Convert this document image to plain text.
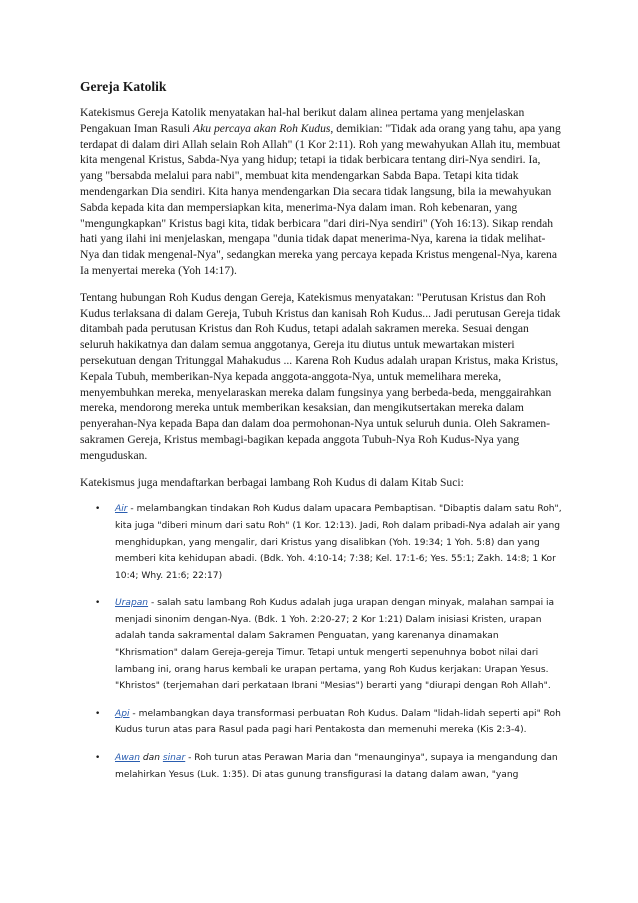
Gereja Katolik

Katekismus Gereja Katolik menyatakan hal-hal berikut dalam alinea pertama yang menjelaskan Pengakuan Iman Rasuli Aku percaya akan Roh Kudus, demikian: "Tidak ada orang yang tahu, apa yang terdapat di dalam diri Allah selain Roh Allah" (1 Kor 2:11). Roh yang mewahyukan Allah itu, membuat kita mengenal Kristus, Sabda-Nya yang hidup; tetapi ia tidak berbicara tentang diri-Nya sendiri. Ia, yang "bersabda melalui para nabi", membuat kita mendengarkan Sabda Bapa. Tetapi kita tidak mendengarkan Dia sendiri. Kita hanya mendengarkan Dia secara tidak langsung, bila ia mewahyukan Sabda kepada kita dan mempersiapkan kita, menerima-Nya dalam iman. Roh kebenaran, yang "mengungkapkan" Kristus bagi kita, tidak berbicara "dari diri-Nya sendiri" (Yoh 16:13). Sikap rendah hati yang ilahi ini menjelaskan, mengapa "dunia tidak dapat menerima-Nya, karena ia tidak melihat-Nya dan tidak mengenal-Nya", sedangkan mereka yang percaya kepada Kristus mengenal-Nya, karena Ia menyertai mereka (Yoh 14:17).

Tentang hubungan Roh Kudus dengan Gereja, Katekismus menyatakan: "Perutusan Kristus dan Roh Kudus terlaksana di dalam Gereja, Tubuh Kristus dan kanisah Roh Kudus... Jadi perutusan Gereja tidak ditambah pada perutusan Kristus dan Roh Kudus, tetapi adalah sakramen mereka. Sesuai dengan seluruh hakikatnya dan dalam semua anggotanya, Gereja itu diutus untuk mewartakan misteri persekutuan dengan Tritunggal Mahakudus ... Karena Roh Kudus adalah urapan Kristus, maka Kristus, Kepala Tubuh, memberikan-Nya kepada anggota-anggota-Nya, untuk memelihara mereka, menyembuhkan mereka, menyelaraskan mereka dalam fungsinya yang berbeda-beda, menggairahkan mereka, mendorong mereka untuk memberikan kesaksian, dan mengikutsertakan mereka dalam penyerahan-Nya kepada Bapa dan dalam doa permohonan-Nya untuk seluruh dunia. Oleh Sakramen-sakramen Gereja, Kristus membagi-bagikan kepada anggota Tubuh-Nya Roh Kudus-Nya yang menguduskan.

Katekismus juga mendaftarkan berbagai lambang Roh Kudus di dalam Kitab Suci:

• Air - melambangkan tindakan Roh Kudus dalam upacara Pembaptisan. "Dibaptis dalam satu Roh", kita juga "diberi minum dari satu Roh" (1 Kor. 12:13). Jadi, Roh dalam pribadi-Nya adalah air yang menghidupkan, yang mengalir, dari Kristus yang disalibkan (Yoh. 19:34; 1 Yoh. 5:8) dan yang memberi kita kehidupan abadi. (Bdk. Yoh. 4:10-14; 7:38; Kel. 17:1-6; Yes. 55:1; Zakh. 14:8; 1 Kor 10:4; Why. 21:6; 22:17)
• Urapan - salah satu lambang Roh Kudus adalah juga urapan dengan minyak, malahan sampai ia menjadi sinonim dengan-Nya. (Bdk. 1 Yoh. 2:20-27; 2 Kor 1:21) Dalam inisiasi Kristen, urapan adalah tanda sakramental dalam Sakramen Penguatan, yang karenanya dinamakan "Khrismation" dalam Gereja-gereja Timur. Tetapi untuk mengerti sepenuhnya bobot nilai dari lambang ini, orang harus kembali ke urapan pertama, yang Roh Kudus kerjakan: Urapan Yesus. "Khristos" (terjemahan dari perkataan Ibrani "Mesias") berarti yang "diurapi dengan Roh Allah".
• Api - melambangkan daya transformasi perbuatan Roh Kudus. Dalam "lidah-lidah seperti api" Roh Kudus turun atas para Rasul pada pagi hari Pentakosta dan memenuhi mereka (Kis 2:3-4).
• Awan dan sinar - Roh turun atas Perawan Maria dan "menaunginya", supaya ia mengandung dan melahirkan Yesus (Luk. 1:35). Di atas gunung transfigurasi Ia datang dalam awan, "yang
